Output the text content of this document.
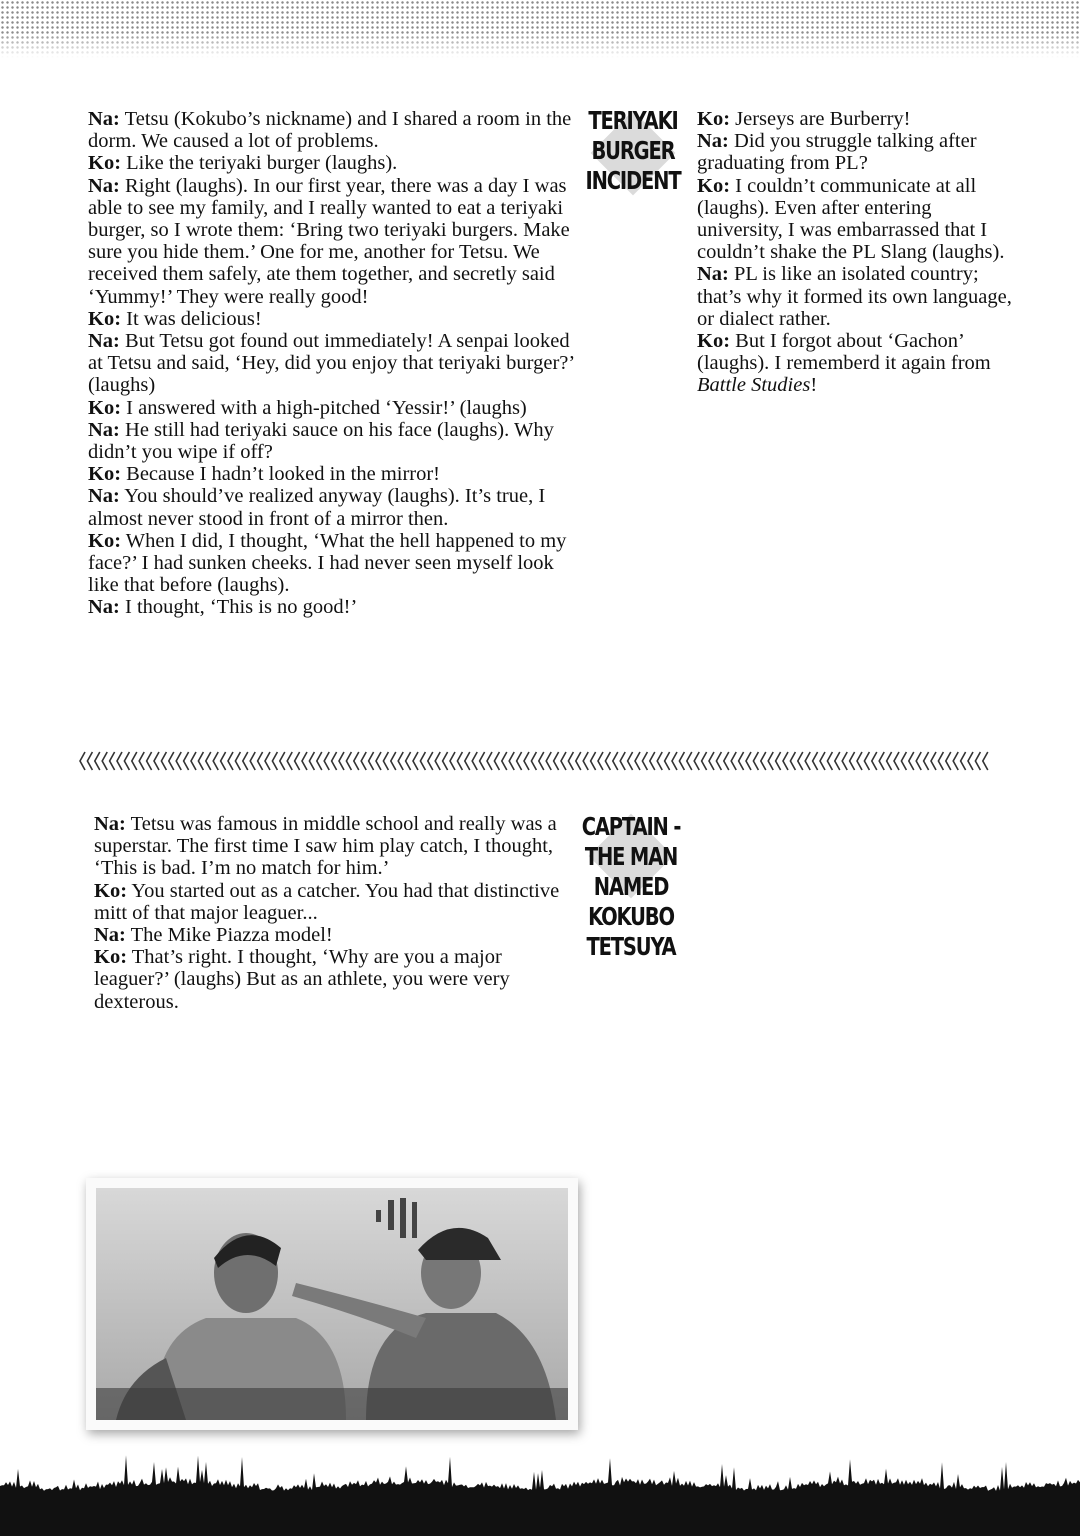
Na: Tetsu (Kokubo’s nickname) and I shared a room in the dorm. We caused a lot of problems.

Ko: Like the teriyaki burger (laughs).

Na: Right (laughs). In our first year, there was a day I was able to see my family, and I really wanted to eat a teriyaki burger, so I wrote them: ‘Bring two teriyaki burgers. Make sure you hide them.’ One for me, another for Tetsu. We received them safely, ate them together, and secretly said ‘Yummy!’ They were really good!

Ko: It was delicious!

Na: But Tetsu got found out immediately! A senpai looked at Tetsu and said, ‘Hey, did you enjoy that teriyaki burger?’ (laughs)

Ko: I answered with a high-pitched ‘Yessir!’ (laughs)

Na: He still had teriyaki sauce on his face (laughs). Why didn’t you wipe if off?

Ko: Because I hadn’t looked in the mirror!

Na: You should’ve realized anyway (laughs). It’s true, I almost never stood in front of a mirror then.

Ko: When I did, I thought, ‘What the hell happened to my face?’ I had sunken cheeks. I had never seen myself look like that before (laughs).

Na: I thought, ‘This is no good!’

TERIYAKI
BURGER
INCIDENT

Ko: Jerseys are Burberry!

Na: Did you struggle talking after graduating from PL?

Ko: I couldn’t communicate at all (laughs). Even after entering university, I was embarrassed that I couldn’t shake the PL Slang (laughs).

Na: PL is like an isolated country; that’s why it formed its own language, or dialect rather.

Ko: But I forgot about ‘Gachon’ (laughs). I rememberd it again from Battle Studies!

CAPTAIN -
THE MAN
NAMED
KOKUBO
TETSUYA

Na: Tetsu was famous in middle school and really was a superstar. The first time I saw him play catch, I thought, ‘This is bad. I’m no match for him.’

Ko: You started out as a catcher. You had that distinctive mitt of that major leaguer...

Na: The Mike Piazza model!

Ko: That’s right. I thought, ‘Why are you a major leaguer?’ (laughs) But as an athlete, you were very dexterous.
